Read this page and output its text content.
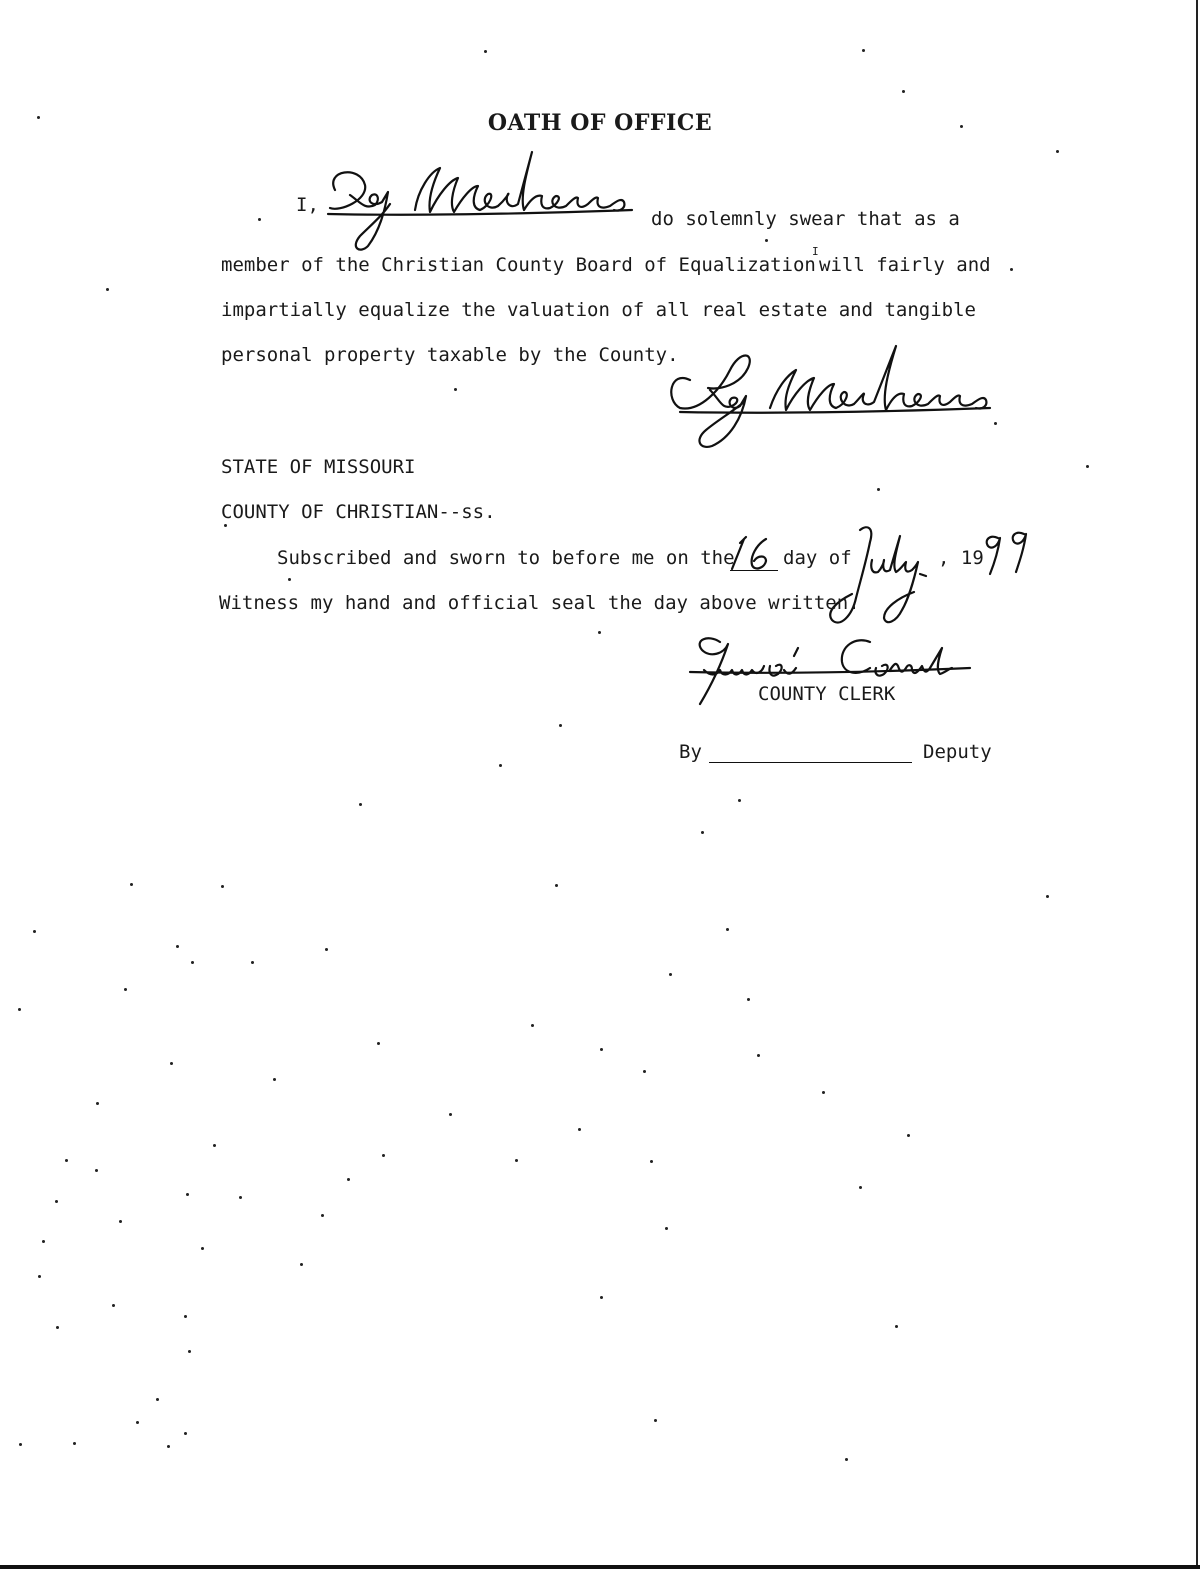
OATH OF OFFICE
I,
do solemnly swear that as a
member of the Christian County Board of Equalization
I
will fairly and
impartially equalize the valuation of all real estate and tangible
personal property taxable by the County.
STATE OF MISSOURI
COUNTY OF CHRISTIAN--ss.
Subscribed and sworn to before me on the	day of	, 19
Witness my hand and official seal the day above written.
COUNTY CLERK
By	Deputy
